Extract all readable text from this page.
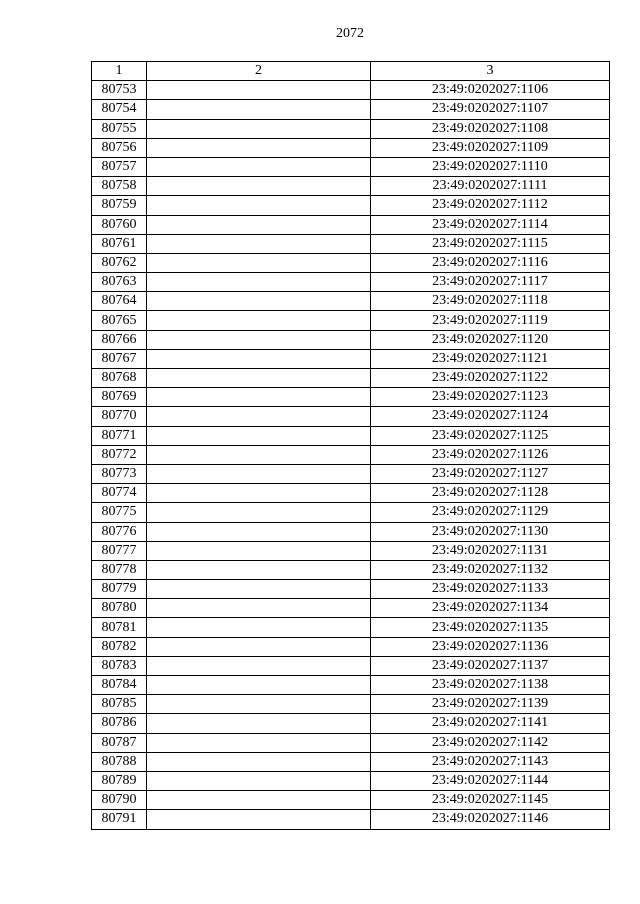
2072
1	2	3
80753		23:49:0202027:1106
80754		23:49:0202027:1107
80755		23:49:0202027:1108
80756		23:49:0202027:1109
80757		23:49:0202027:1110
80758		23:49:0202027:1111
80759		23:49:0202027:1112
80760		23:49:0202027:1114
80761		23:49:0202027:1115
80762		23:49:0202027:1116
80763		23:49:0202027:1117
80764		23:49:0202027:1118
80765		23:49:0202027:1119
80766		23:49:0202027:1120
80767		23:49:0202027:1121
80768		23:49:0202027:1122
80769		23:49:0202027:1123
80770		23:49:0202027:1124
80771		23:49:0202027:1125
80772		23:49:0202027:1126
80773		23:49:0202027:1127
80774		23:49:0202027:1128
80775		23:49:0202027:1129
80776		23:49:0202027:1130
80777		23:49:0202027:1131
80778		23:49:0202027:1132
80779		23:49:0202027:1133
80780		23:49:0202027:1134
80781		23:49:0202027:1135
80782		23:49:0202027:1136
80783		23:49:0202027:1137
80784		23:49:0202027:1138
80785		23:49:0202027:1139
80786		23:49:0202027:1141
80787		23:49:0202027:1142
80788		23:49:0202027:1143
80789		23:49:0202027:1144
80790		23:49:0202027:1145
80791		23:49:0202027:1146
